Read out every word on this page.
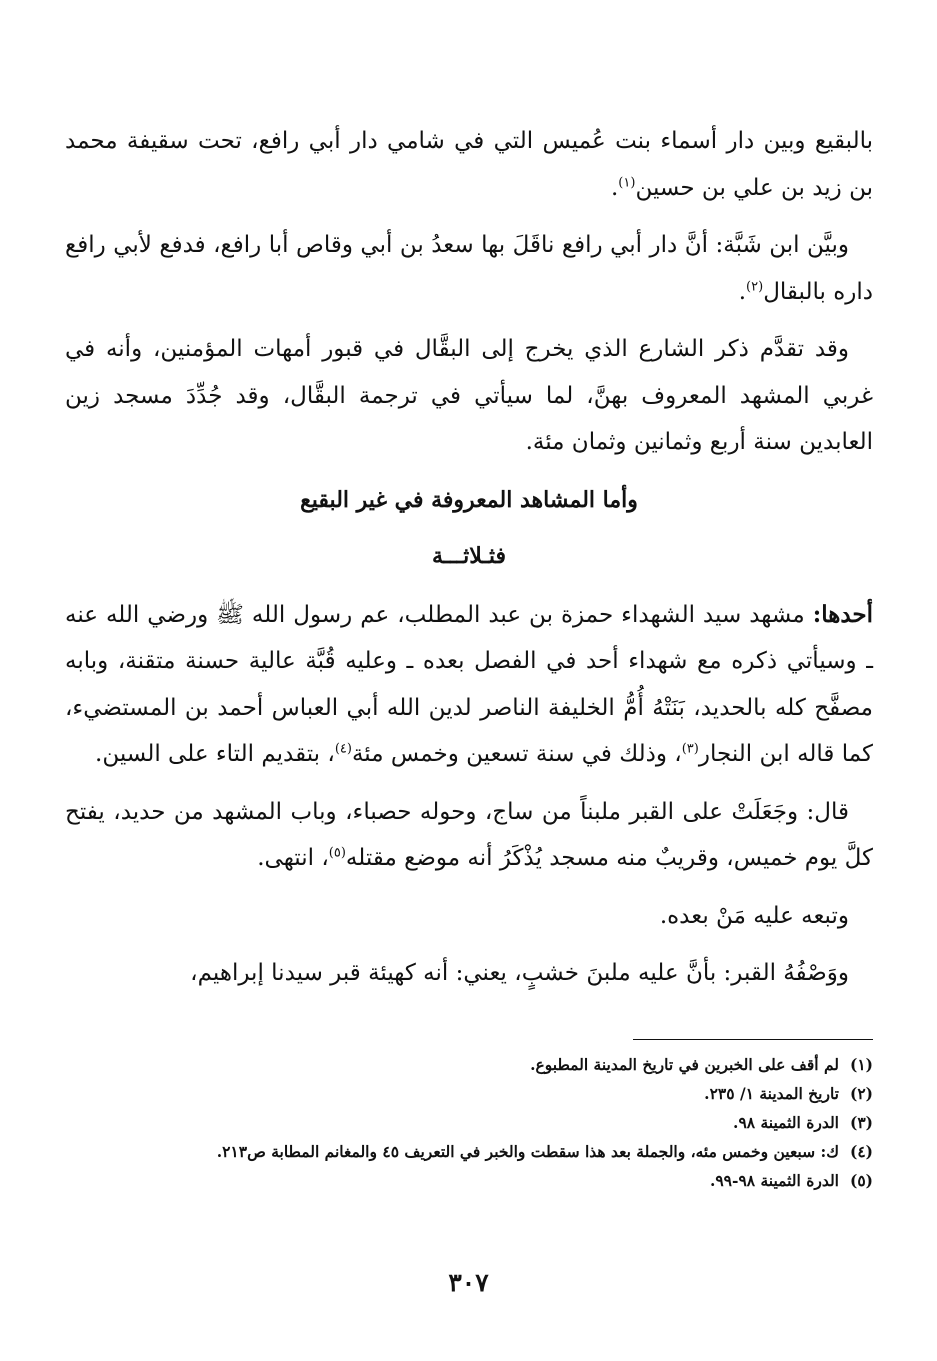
بالبقيع وبين دار أسماء بنت عُميس التي في شامي دار أبي رافع، تحت سقيفة محمد بن زيد بن علي بن حسين$^{(١)}$.

وبيَّن ابن شَبَّة: أنَّ دار أبي رافع ناقَلَ بها سعدُ بن أبي وقاص أبا رافع، فدفع لأبي رافع داره بالبقال$^{(٢)}$.

وقد تقدَّم ذكر الشارع الذي يخرج إلى البقَّال في قبور أمهات المؤمنين، وأنه في غربي المشهد المعروف بهنَّ، لما سيأتي في ترجمة البقَّال، وقد جُدِّدَ مسجد زين العابدين سنة أربع وثمانين وثمان مئة.

وأما المشاهد المعروفة في غير البقيع
فثـلاثـــة

أحدها: مشهد سيد الشهداء حمزة بن عبد المطلب، عم رسول الله ﷺ ورضي الله عنه ـ وسيأتي ذكره مع شهداء أحد في الفصل بعده ـ وعليه قُبَّة عالية حسنة متقنة، وبابه مصفَّح كله بالحديد، بَنَتْهُ أُمُّ الخليفة الناصر لدين الله أبي العباس أحمد بن المستضيء، كما قاله ابن النجار$^{(٣)}$، وذلك في سنة تسعين وخمس مئة$^{(٤)}$، بتقديم التاء على السين.

قال: وجَعَلَتْ على القبر ملبناً من ساج، وحوله حصباء، وباب المشهد من حديد، يفتح كلَّ يوم خميس، وقريبٌ منه مسجد يُذْكَرُ أنه موضع مقتله$^{(٥)}$، انتهى.

وتبعه عليه مَنْ بعده.

ووَصْفُهُ القبر: بأنَّ عليه ملبنَ خشبٍ، يعني: أنه كهيئة قبر سيدنا إبراهيم،

(١)
لم أقف على الخبرين في تاريخ المدينة المطبوع.
(٢)
تاريخ المدينة ١/ ٢٣٥.
(٣)
الدرة الثمينة ٩٨.
(٤)
ك: سبعين وخمس مئه، والجملة بعد هذا سقطت والخبر في التعريف ٤٥ والمغانم المطابة ص٢١٣.
(٥)
الدرة الثمينة ٩٨-٩٩.
٣٠٧
